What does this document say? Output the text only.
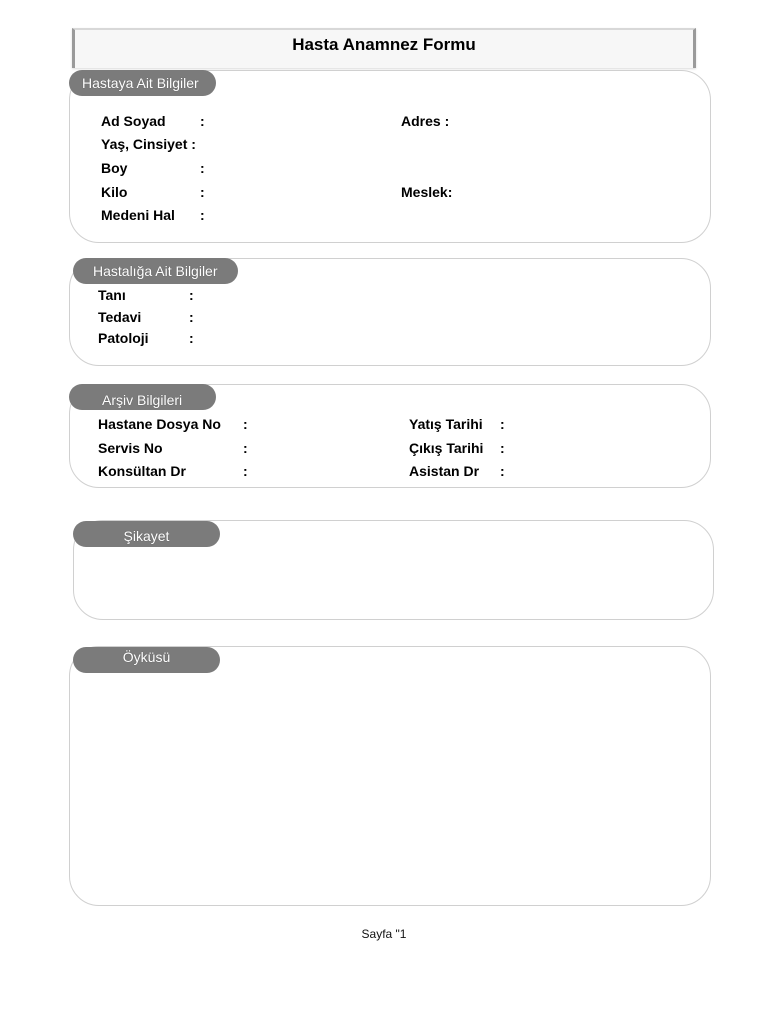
Hasta Anamnez Formu
Hastaya Ait Bilgiler
Ad Soyad :	Adres :
Yaş, Cinsiyet :
Boy	:
Kilo	:	Meslek:
Medeni Hal :
Hastalığa Ait Bilgiler
Tanı	:
Tedavi	:
Patoloji	:
Arşiv Bilgileri
Hastane Dosya No :	Yatış Tarihi :
Servis No	:	Çıkış Tarihi :
Konsültan Dr	:	Asistan Dr :
Şikayet
Öyküsü
Sayfa "1
